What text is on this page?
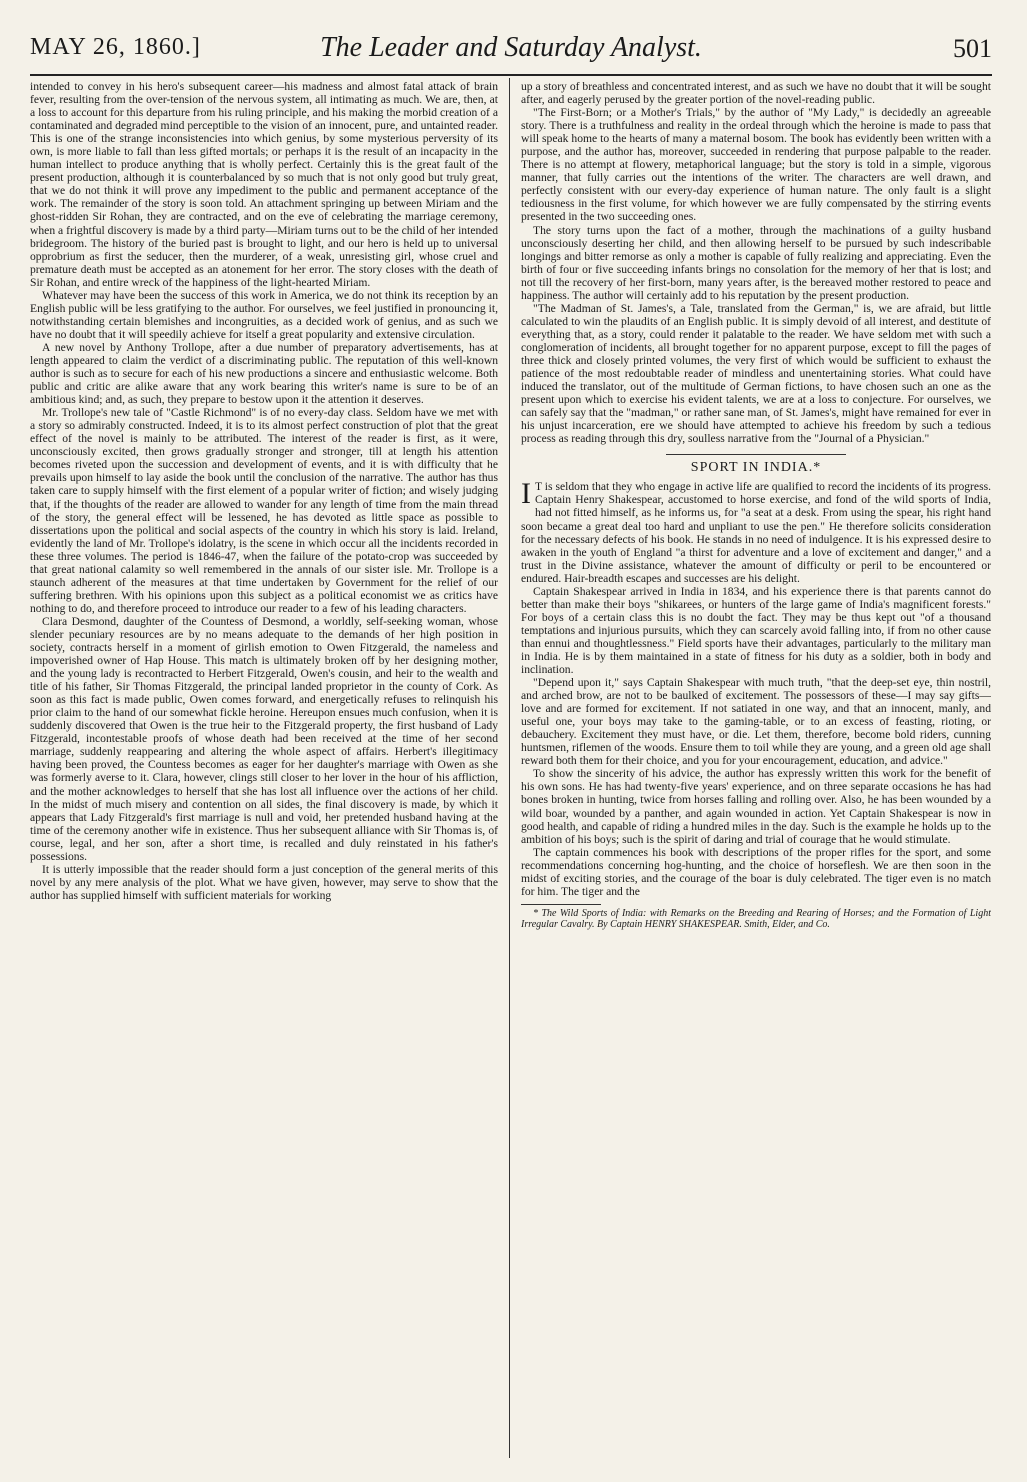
MAY 26, 1860.]	The Leader and Saturday Analyst.	501

intended to convey in his hero's subsequent career—his madness and almost fatal attack of brain fever, resulting from the over-tension of the nervous system, all intimating as much. We are, then, at a loss to account for this departure from his ruling principle, and his making the morbid creation of a contaminated and degraded mind perceptible to the vision of an innocent, pure, and untainted reader. This is one of the strange inconsistencies into which genius, by some mysterious perversity of its own, is more liable to fall than less gifted mortals; or perhaps it is the result of an incapacity in the human intellect to produce anything that is wholly perfect. Certainly this is the great fault of the present production, although it is counterbalanced by so much that is not only good but truly great, that we do not think it will prove any impediment to the public and permanent acceptance of the work. The remainder of the story is soon told. An attachment springing up between Miriam and the ghost-ridden Sir Rohan, they are contracted, and on the eve of celebrating the marriage ceremony, when a frightful discovery is made by a third party—Miriam turns out to be the child of her intended bridegroom. The history of the buried past is brought to light, and our hero is held up to universal opprobrium as first the seducer, then the murderer, of a weak, unresisting girl, whose cruel and premature death must be accepted as an atonement for her error. The story closes with the death of Sir Rohan, and entire wreck of the happiness of the light-hearted Miriam.

Whatever may have been the success of this work in America, we do not think its reception by an English public will be less gratifying to the author. For ourselves, we feel justified in pronouncing it, notwithstanding certain blemishes and incongruities, as a decided work of genius, and as such we have no doubt that it will speedily achieve for itself a great popularity and extensive circulation.

A new novel by Anthony Trollope, after a due number of preparatory advertisements, has at length appeared to claim the verdict of a discriminating public. The reputation of this well-known author is such as to secure for each of his new productions a sincere and enthusiastic welcome. Both public and critic are alike aware that any work bearing this writer's name is sure to be of an ambitious kind; and, as such, they prepare to bestow upon it the attention it deserves.

Mr. Trollope's new tale of "Castle Richmond" is of no every-day class. Seldom have we met with a story so admirably constructed. Indeed, it is to its almost perfect construction of plot that the great effect of the novel is mainly to be attributed. The interest of the reader is first, as it were, unconsciously excited, then grows gradually stronger and stronger, till at length his attention becomes riveted upon the succession and development of events, and it is with difficulty that he prevails upon himself to lay aside the book until the conclusion of the narrative. The author has thus taken care to supply himself with the first element of a popular writer of fiction; and wisely judging that, if the thoughts of the reader are allowed to wander for any length of time from the main thread of the story, the general effect will be lessened, he has devoted as little space as possible to dissertations upon the political and social aspects of the country in which his story is laid. Ireland, evidently the land of Mr. Trollope's idolatry, is the scene in which occur all the incidents recorded in these three volumes. The period is 1846-47, when the failure of the potato-crop was succeeded by that great national calamity so well remembered in the annals of our sister isle. Mr. Trollope is a staunch adherent of the measures at that time undertaken by Government for the relief of our suffering brethren. With his opinions upon this subject as a political economist we as critics have nothing to do, and therefore proceed to introduce our reader to a few of his leading characters.

Clara Desmond, daughter of the Countess of Desmond, a worldly, self-seeking woman, whose slender pecuniary resources are by no means adequate to the demands of her high position in society, contracts herself in a moment of girlish emotion to Owen Fitzgerald, the nameless and impoverished owner of Hap House. This match is ultimately broken off by her designing mother, and the young lady is recontracted to Herbert Fitzgerald, Owen's cousin, and heir to the wealth and title of his father, Sir Thomas Fitzgerald, the principal landed proprietor in the county of Cork. As soon as this fact is made public, Owen comes forward, and energetically refuses to relinquish his prior claim to the hand of our somewhat fickle heroine. Hereupon ensues much confusion, when it is suddenly discovered that Owen is the true heir to the Fitzgerald property, the first husband of Lady Fitzgerald, incontestable proofs of whose death had been received at the time of her second marriage, suddenly reappearing and altering the whole aspect of affairs. Herbert's illegitimacy having been proved, the Countess becomes as eager for her daughter's marriage with Owen as she was formerly averse to it. Clara, however, clings still closer to her lover in the hour of his affliction, and the mother acknowledges to herself that she has lost all influence over the actions of her child. In the midst of much misery and contention on all sides, the final discovery is made, by which it appears that Lady Fitzgerald's first marriage is null and void, her pretended husband having at the time of the ceremony another wife in existence. Thus her subsequent alliance with Sir Thomas is, of course, legal, and her son, after a short time, is recalled and duly reinstated in his father's possessions.

It is utterly impossible that the reader should form a just conception of the general merits of this novel by any mere analysis of the plot. What we have given, however, may serve to show that the author has supplied himself with sufficient materials for working

up a story of breathless and concentrated interest, and as such we have no doubt that it will be sought after, and eagerly perused by the greater portion of the novel-reading public.

"The First-Born; or a Mother's Trials," by the author of "My Lady," is decidedly an agreeable story. There is a truthfulness and reality in the ordeal through which the heroine is made to pass that will speak home to the hearts of many a maternal bosom. The book has evidently been written with a purpose, and the author has, moreover, succeeded in rendering that purpose palpable to the reader. There is no attempt at flowery, metaphorical language; but the story is told in a simple, vigorous manner, that fully carries out the intentions of the writer. The characters are well drawn, and perfectly consistent with our every-day experience of human nature. The only fault is a slight tediousness in the first volume, for which however we are fully compensated by the stirring events presented in the two succeeding ones.

The story turns upon the fact of a mother, through the machinations of a guilty husband unconsciously deserting her child, and then allowing herself to be pursued by such indescribable longings and bitter remorse as only a mother is capable of fully realizing and appreciating. Even the birth of four or five succeeding infants brings no consolation for the memory of her that is lost; and not till the recovery of her first-born, many years after, is the bereaved mother restored to peace and happiness. The author will certainly add to his reputation by the present production.

"The Madman of St. James's, a Tale, translated from the German," is, we are afraid, but little calculated to win the plaudits of an English public. It is simply devoid of all interest, and destitute of everything that, as a story, could render it palatable to the reader. We have seldom met with such a conglomeration of incidents, all brought together for no apparent purpose, except to fill the pages of three thick and closely printed volumes, the very first of which would be sufficient to exhaust the patience of the most redoubtable reader of mindless and unentertaining stories. What could have induced the translator, out of the multitude of German fictions, to have chosen such an one as the present upon which to exercise his evident talents, we are at a loss to conjecture. For ourselves, we can safely say that the "madman," or rather sane man, of St. James's, might have remained for ever in his unjust incarceration, ere we should have attempted to achieve his freedom by such a tedious process as reading through this dry, soulless narrative from the "Journal of a Physician."

SPORT IN INDIA.*

I T is seldom that they who engage in active life are qualified to record the incidents of its progress. Captain Henry Shakespear, accustomed to horse exercise, and fond of the wild sports of India, had not fitted himself, as he informs us, for "a seat at a desk. From using the spear, his right hand soon became a great deal too hard and unpliant to use the pen." He therefore solicits consideration for the necessary defects of his book. He stands in no need of indulgence. It is his expressed desire to awaken in the youth of England "a thirst for adventure and a love of excitement and danger," and a trust in the Divine assistance, whatever the amount of difficulty or peril to be encountered or endured. Hair-breadth escapes and successes are his delight.

Captain Shakespear arrived in India in 1834, and his experience there is that parents cannot do better than make their boys "shikarees, or hunters of the large game of India's magnificent forests." For boys of a certain class this is no doubt the fact. They may be thus kept out "of a thousand temptations and injurious pursuits, which they can scarcely avoid falling into, if from no other cause than ennui and thoughtlessness." Field sports have their advantages, particularly to the military man in India. He is by them maintained in a state of fitness for his duty as a soldier, both in body and inclination.

"Depend upon it," says Captain Shakespear with much truth, "that the deep-set eye, thin nostril, and arched brow, are not to be baulked of excitement. The possessors of these—I may say gifts—love and are formed for excitement. If not satiated in one way, and that an innocent, manly, and useful one, your boys may take to the gaming-table, or to an excess of feasting, rioting, or debauchery. Excitement they must have, or die. Let them, therefore, become bold riders, cunning huntsmen, riflemen of the woods. Ensure them to toil while they are young, and a green old age shall reward both them for their choice, and you for your encouragement, education, and advice."

To show the sincerity of his advice, the author has expressly written this work for the benefit of his own sons. He has had twenty-five years' experience, and on three separate occasions he has had bones broken in hunting, twice from horses falling and rolling over. Also, he has been wounded by a wild boar, wounded by a panther, and again wounded in action. Yet Captain Shakespear is now in good health, and capable of riding a hundred miles in the day. Such is the example he holds up to the ambition of his boys; such is the spirit of daring and trial of courage that he would stimulate.

The captain commences his book with descriptions of the proper rifles for the sport, and some recommendations concerning hog-hunting, and the choice of horseflesh. We are then soon in the midst of exciting stories, and the courage of the boar is duly celebrated. The tiger even is no match for him. The tiger and the

* The Wild Sports of India: with Remarks on the Breeding and Rearing of Horses; and the Formation of Light Irregular Cavalry. By Captain HENRY SHAKESPEAR. Smith, Elder, and Co.
